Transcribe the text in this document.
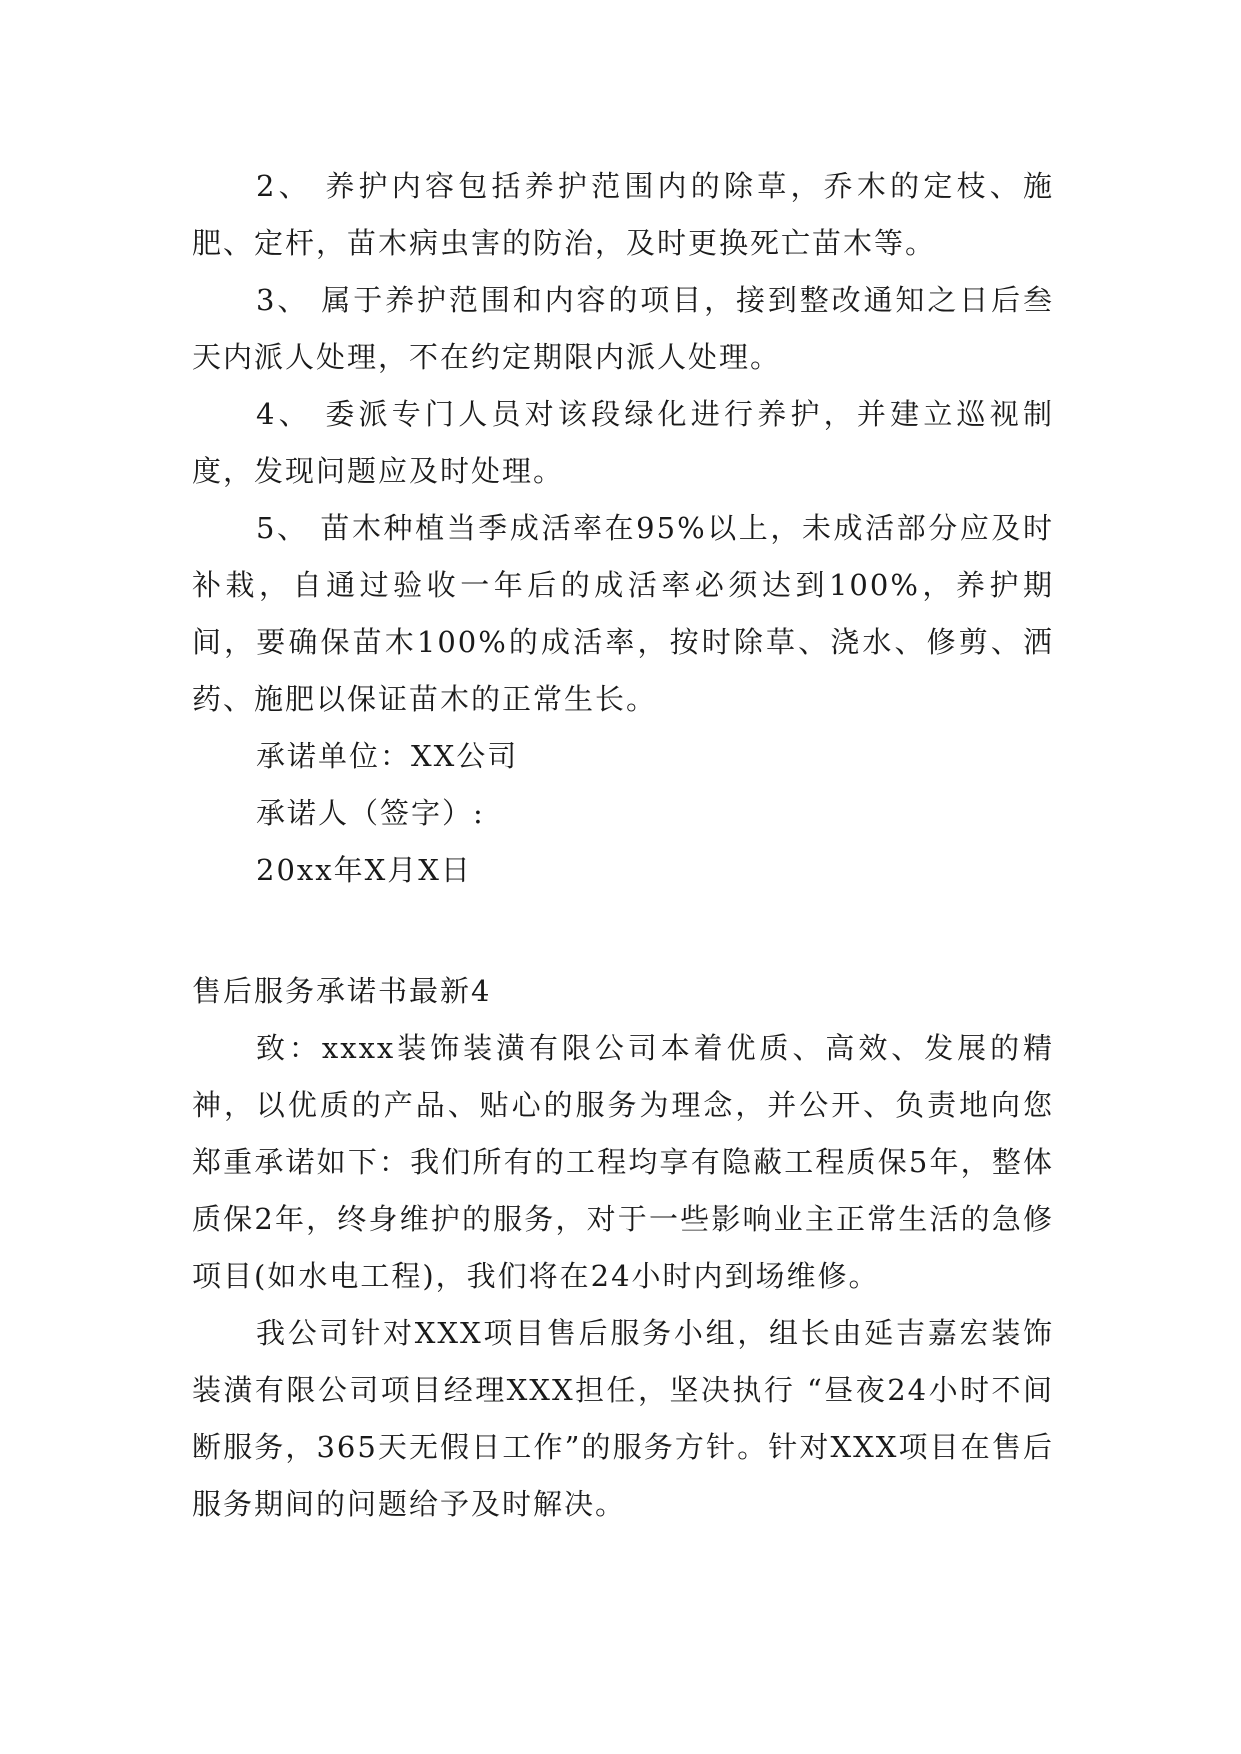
2、 养护内容包括养护范围内的除草，乔木的定枝、施肥、定杆，苗木病虫害的防治，及时更换死亡苗木等。

3、 属于养护范围和内容的项目，接到整改通知之日后叁天内派人处理，不在约定期限内派人处理。

4、 委派专门人员对该段绿化进行养护，并建立巡视制度，发现问题应及时处理。

5、 苗木种植当季成活率在95%以上，未成活部分应及时补栽，自通过验收一年后的成活率必须达到100%，养护期间，要确保苗木100%的成活率，按时除草、浇水、修剪、洒药、施肥以保证苗木的正常生长。

承诺单位：XX公司

承诺人（签字）:

20xx年X月X日

售后服务承诺书最新4

致：xxxx装饰装潢有限公司本着优质、高效、发展的精神，以优质的产品、贴心的服务为理念，并公开、负责地向您郑重承诺如下：我们所有的工程均享有隐蔽工程质保5年，整体质保2年，终身维护的服务，对于一些影响业主正常生活的急修项目(如水电工程)，我们将在24小时内到场维修。

我公司针对XXX项目售后服务小组，组长由延吉嘉宏装饰装潢有限公司项目经理XXX担任，坚决执行 “昼夜24小时不间断服务，365天无假日工作”的服务方针。针对XXX项目在售后服务期间的问题给予及时解决。
